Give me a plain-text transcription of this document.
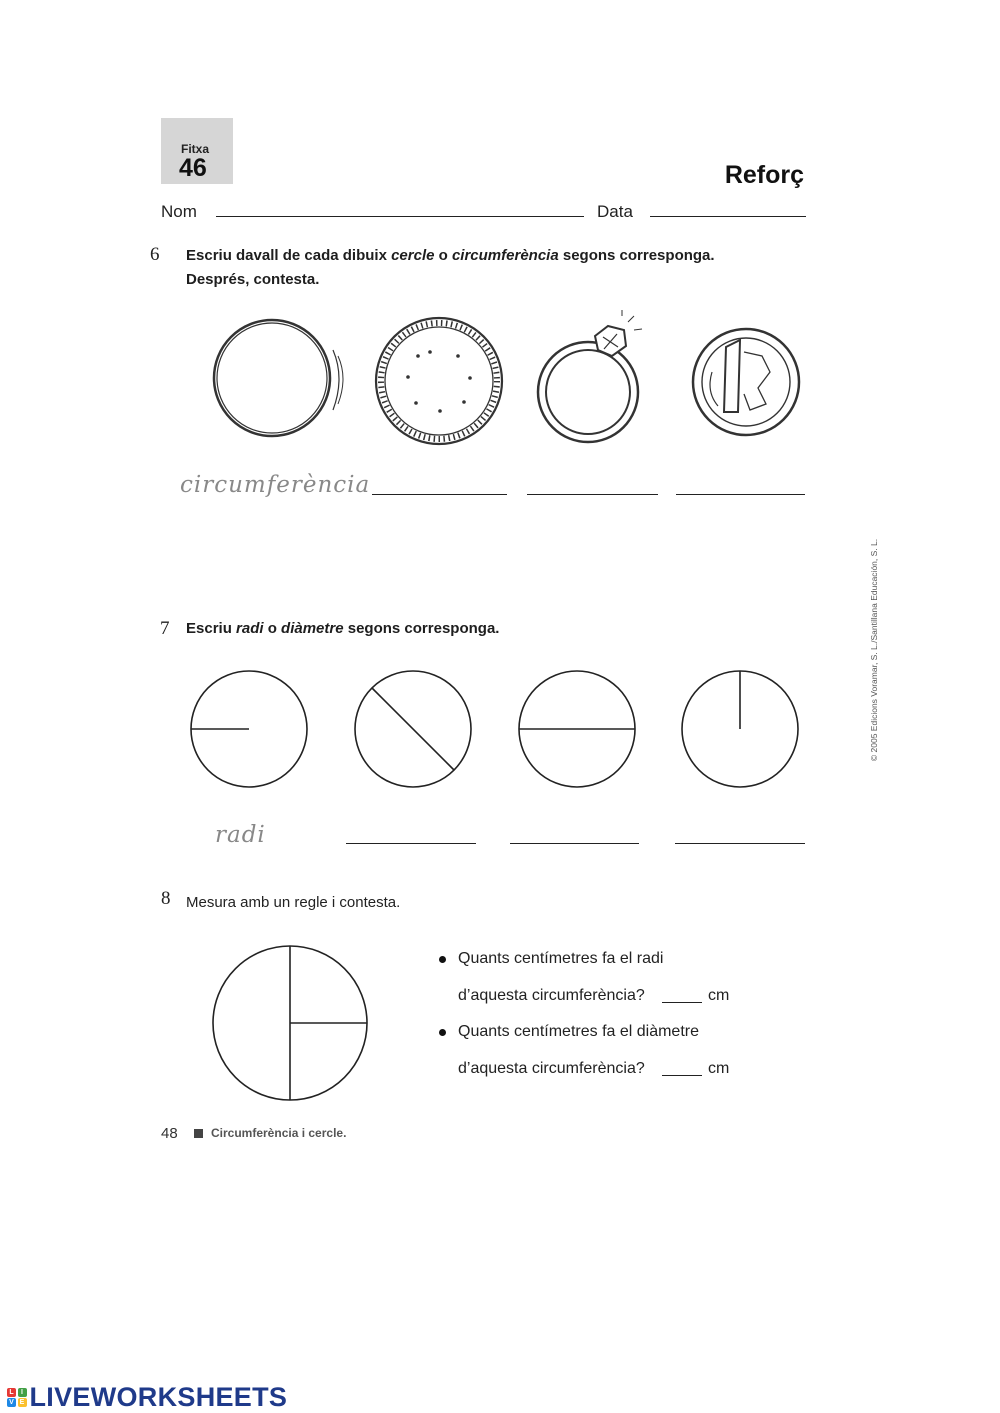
Fitxa
46	Reforç
Nom	Data
6 Escriu davall de cada dibuix cercle o circumferència segons corresponga.
Després, contesta.
circumferència
7 Escriu radi o diàmetre segons corresponga.
radi
8 Mesura amb un regle i contesta.
Quants centímetres fa el radi
d’aquesta circumferència?	cm
Quants centímetres fa el diàmetre
d’aquesta circumferència?	cm
48	Circumferència i cercle.
© 2005 Edicions Voramar, S. L./Santillana Educación, S. L.
L	I
V E LIVEWORKSHEETS
